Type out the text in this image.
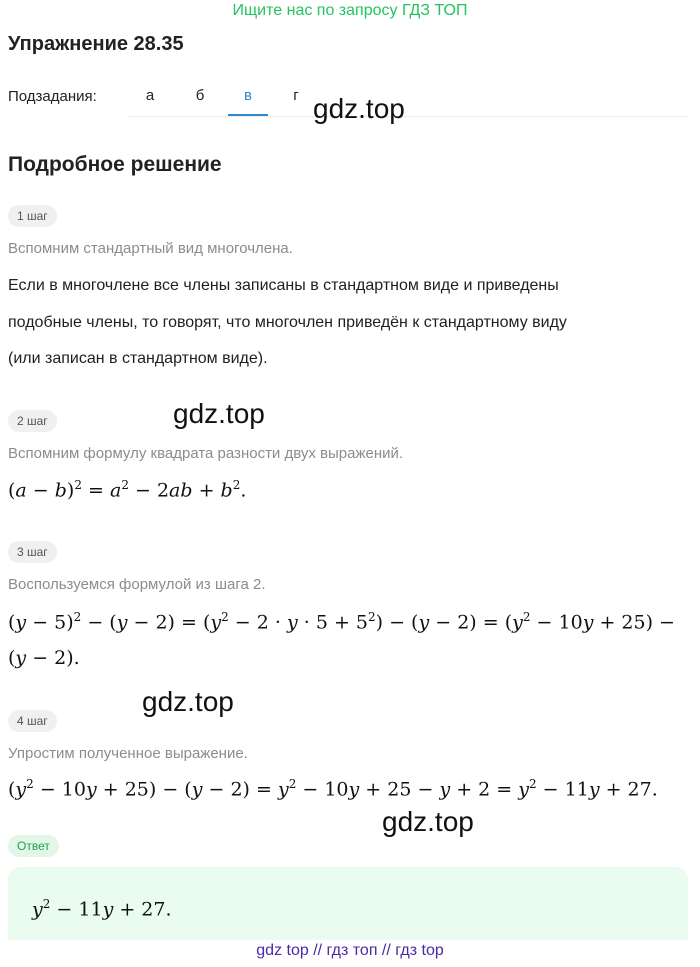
Ищите нас по запросу ГДЗ ТОП
Упражнение 28.35
Подзадания:	а	б	в	г gdz.top
Подробное решение
1 шаг
Вспомним стандартный вид многочлена.
Если в многочлене все члены записаны в стандартном виде и приведены
подобные члены, то говорят, что многочлен приведён к стандартному виду
(или записан в стандартном виде).
gdz.top
2 шаг
Вспомним формулу квадрата разности двух выражений.
$(a - b)^2 = a^2 - 2ab + b^2$.
3 шаг
Воспользуемся формулой из шага 2.
$(y - 5)^2 - (y - 2) = (y^2 - 2 \cdot y \cdot 5 + 5^2) - (y - 2) = (y^2 - 10y + 25)$ −
(y − 2).
gdz.top
4 шаг
Упростим полученное выражение.
$(y^2 - 10y + 25) - (y - 2) = y^2 - 10y + 25 - y + 2 = y^2 - 11y + 27$.
gdz.top
Ответ
$y^2 - 11y + 27$.
gdz top // гдз топ // гдз top
